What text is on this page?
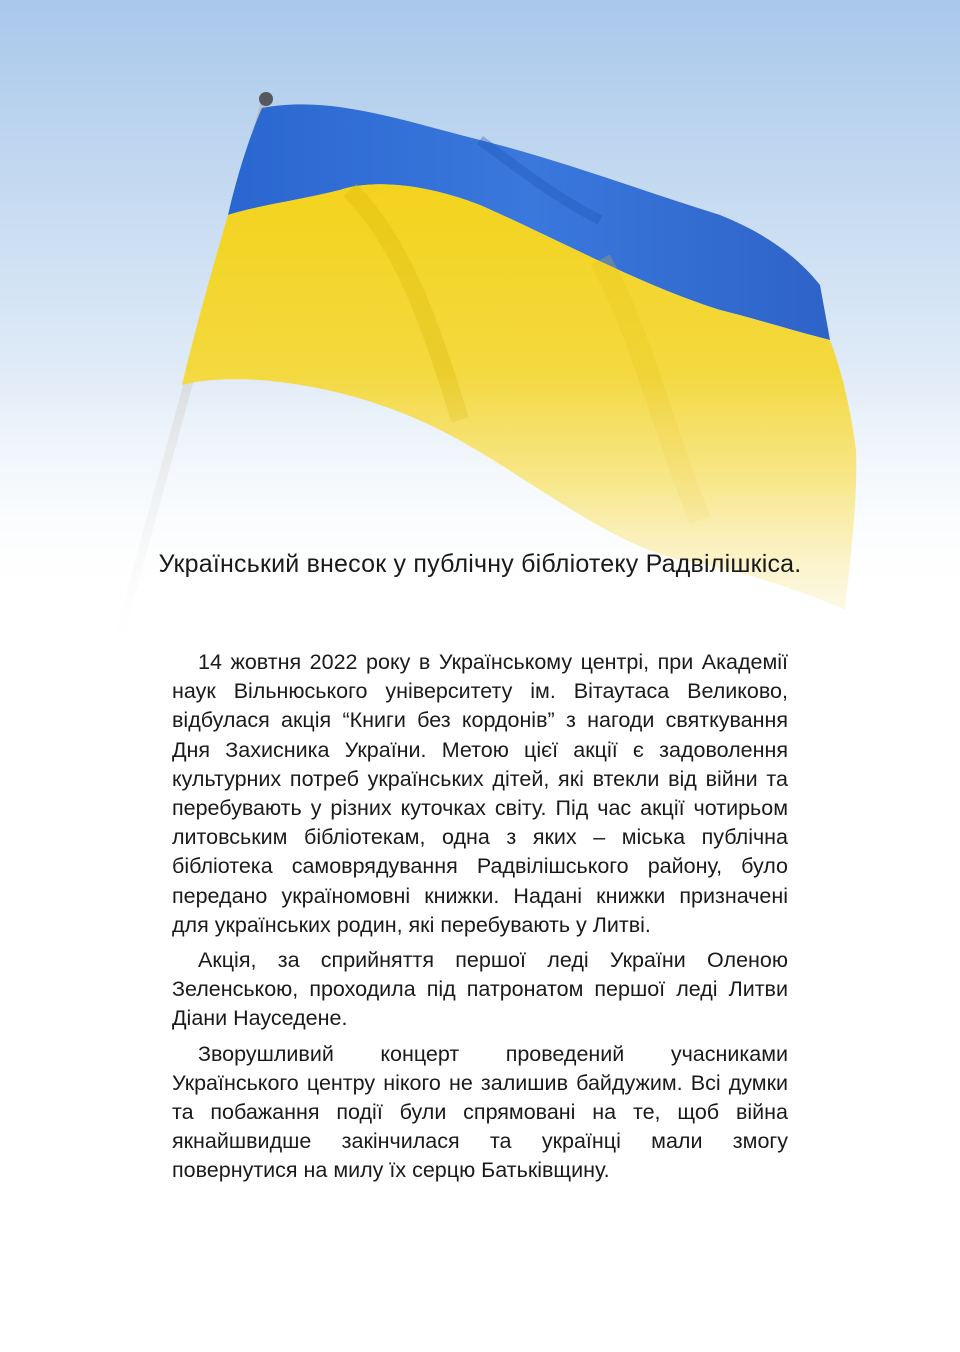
Український внесок у публічну бібліотеку Радвілішкіса.

14 жовтня 2022 року в Українському центрі, при Академії наук Вільнюського університету ім. Вітаутаса Великово, відбулася акція “Книги без кордонів” з нагоди святкування Дня Захисника України. Метою цієї акції є задоволення культурних потреб українських дітей, які втекли від війни та перебувають у різних куточках світу. Під час акції чотирьом литовським бібліотекам, одна з яких – міська публічна бібліотека самоврядування Радвілішського району, було передано україномовні книжки. Надані книжки призначені для українських родин, які перебувають у Литві.

Акція, за сприйняття першої леді України Оленою Зеленською, проходила під патронатом першої леді Литви Діани Науседене.

Зворушливий концерт проведений учасниками Українського центру нікого не залишив байдужим. Всі думки та побажання події були спрямовані на те, щоб війна якнайшвидше закінчилася та українці мали змогу повернутися на милу їх серцю Батьківщину.
